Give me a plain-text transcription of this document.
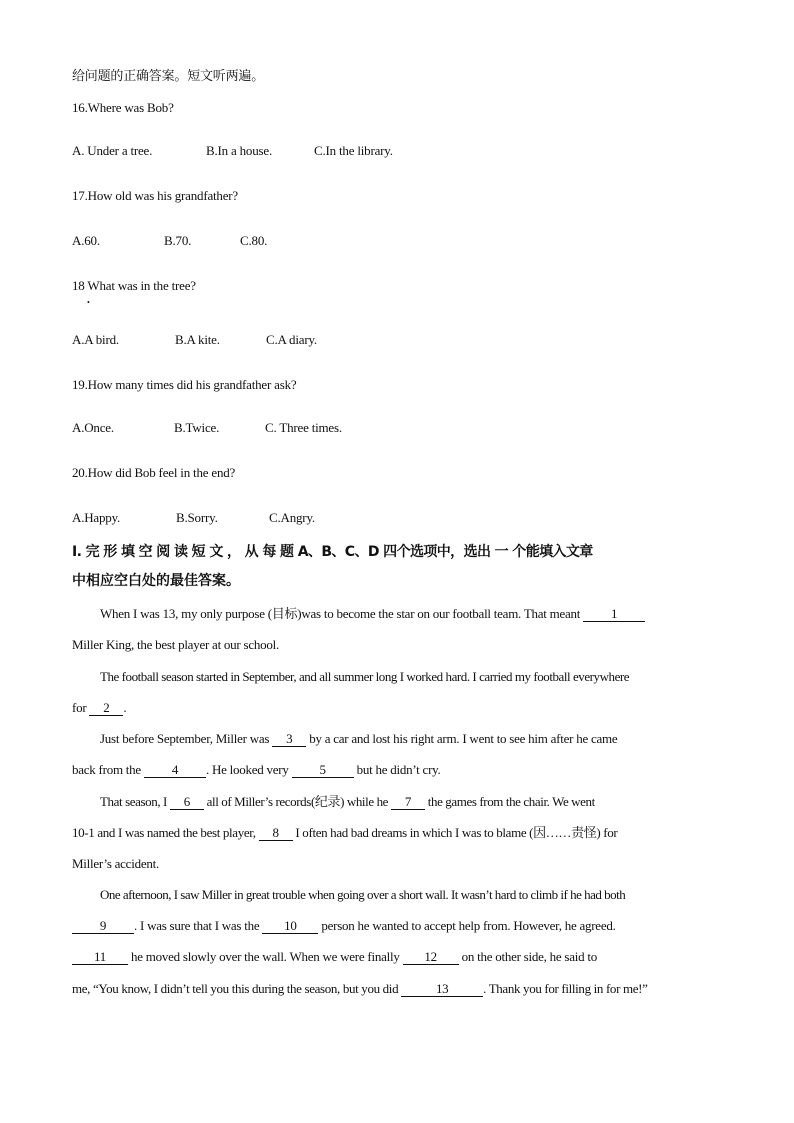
给问题的正确答案。短文听两遍。
16.Where was Bob?
A. Under a tree.	B.In a house.	C.In the library.
17.How old was his grandfather?
A.60.	B.70.	C.80.
18 What was in the tree?
•
A.A bird.	B.A kite.	C.A diary.
19.How many times did his grandfather ask?
A.Once.	B.Twice.	C. Three times.
20.How did Bob feel in the end?
A.Happy.	B.Sorry.	C.Angry.
I. 完 形 填 空 阅 读 短 文 ， 从 每 题 A、B、C、D 四个选项中，选出 一 个能填入文章
中相应空白处的最佳答案。
When I was 13, my only purpose (目标)was to become the star on our football team. That meant 1
Miller King, the best player at our school.
The football season started in September, and all summer long I worked hard. I carried my football everywhere
for 2 .
Just before September, Miller was 3 by a car and lost his right arm. I went to see him after he came
back from the 4 . He looked very 5 but he didn’t cry.
That season, I 6 all of Miller’s records(纪录) while he 7 the games from the chair. We went
10-1 and I was named the best player, 8 I often had bad dreams in which I was to blame (因……责怪) for
Miller’s accident.
One afternoon, I saw Miller in great trouble when going over a short wall. It wasn’t hard to climb if he had both
9 . I was sure that I was the 10 person he wanted to accept help from. However, he agreed.
11 he moved slowly over the wall. When we were finally 12 on the other side, he said to
me, “You know, I didn’t tell you this during the season, but you did	13	. Thank you for filling in for me!”
